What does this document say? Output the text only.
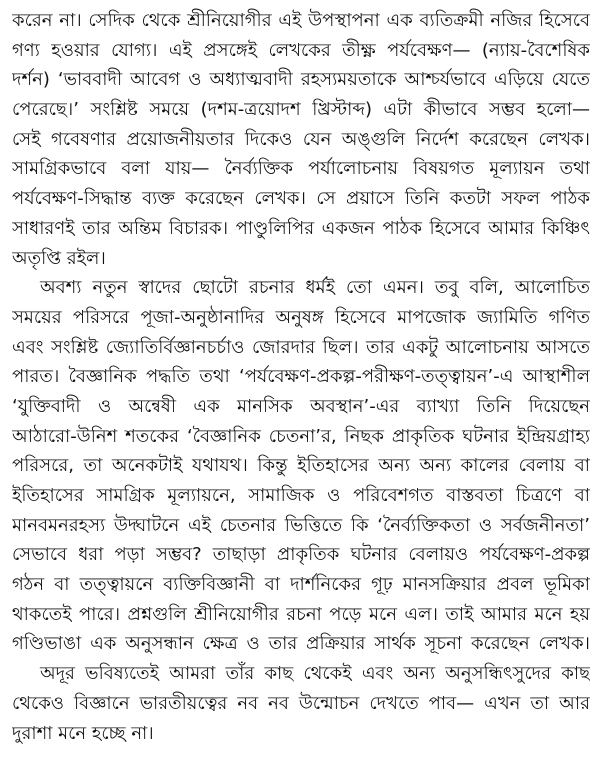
করেন না। সেদিক থেকে শ্রীনিয়োগীর এই উপস্থাপনা এক ব্যতিক্রমী নজির হিসেবে
গণ্য হওয়ার যোগ্য। এই প্রসঙ্গেই লেখকের তীক্ষ্ণ পর্যবেক্ষণ— (ন্যায়-বৈশেষিক
দর্শন) ‘ভাববাদী আবেগ ও অধ্যাত্মবাদী রহস্যময়তাকে আশ্চর্যভাবে এড়িয়ে যেতে
পেরেছে।’ সংশ্লিষ্ট সময়ে (দশম-ত্রয়োদশ খ্রিস্টাব্দ) এটা কীভাবে সম্ভব হলো—
সেই গবেষণার প্রয়োজনীয়তার দিকেও যেন অঙ্গুলি নির্দেশ করেছেন লেখক।
সামগ্রিকভাবে বলা যায়— নৈর্ব্যক্তিক পর্যালোচনায় বিষয়গত মূল্যায়ন তথা
পর্যবেক্ষণ-সিদ্ধান্ত ব্যক্ত করেছেন লেখক। সে প্রয়াসে তিনি কতটা সফল পাঠক
সাধারণই তার অন্তিম বিচারক। পাণ্ডুলিপির একজন পাঠক হিসেবে আমার কিঞ্চিৎ
অতৃপ্তি রইল।
অবশ্য নতুন স্বাদের ছোটো রচনার ধর্মই তো এমন। তবু বলি, আলোচিত
সময়ের পরিসরে পূজা-অনুষ্ঠানাদির অনুষঙ্গ হিসেবে মাপজোক জ্যামিতি গণিত
এবং সংশ্লিষ্ট জ্যোতির্বিজ্ঞানচর্চাও জোরদার ছিল। তার একটু আলোচনায় আসতে
পারত। বৈজ্ঞানিক পদ্ধতি তথা ‘পর্যবেক্ষণ-প্রকল্প-পরীক্ষণ-তত্ত্বায়ন’-এ আস্থাশীল
‘যুক্তিবাদী ও অন্বেষী এক মানসিক অবস্থান’-এর ব্যাখ্যা তিনি দিয়েছেন
আঠারো-উনিশ শতকের ‘বৈজ্ঞানিক চেতনা’র, নিছক প্রাকৃতিক ঘটনার ইন্দ্রিয়গ্রাহ্য
পরিসরে, তা অনেকটাই যথাযথ। কিন্তু ইতিহাসের অন্য অন্য কালের বেলায় বা
ইতিহাসের সামগ্রিক মূল্যায়নে, সামাজিক ও পরিবেশগত বাস্তবতা চিত্রণে বা
মানবমনরহস্য উদ্ঘাটনে এই চেতনার ভিত্তিতে কি ‘নৈর্ব্যক্তিকতা ও সর্বজনীনতা’
সেভাবে ধরা পড়া সম্ভব? তাছাড়া প্রাকৃতিক ঘটনার বেলায়ও পর্যবেক্ষণ-প্রকল্প
গঠন বা তত্ত্বায়নে ব্যক্তিবিজ্ঞানী বা দার্শনিকের গূঢ় মানসক্রিয়ার প্রবল ভূমিকা
থাকতেই পারে। প্রশ্নগুলি শ্রীনিয়োগীর রচনা পড়ে মনে এল। তাই আমার মনে হয়
গণ্ডিভাঙা এক অনুসন্ধান ক্ষেত্র ও তার প্রক্রিয়ার সার্থক সূচনা করেছেন লেখক।
অদূর ভবিষ্যতেই আমরা তাঁর কাছ থেকেই এবং অন্য অনুসন্ধিৎসুদের কাছ
থেকেও বিজ্ঞানে ভারতীয়ত্বের নব নব উন্মোচন দেখতে পাব— এখন তা আর
দুরাশা মনে হচ্ছে না।
